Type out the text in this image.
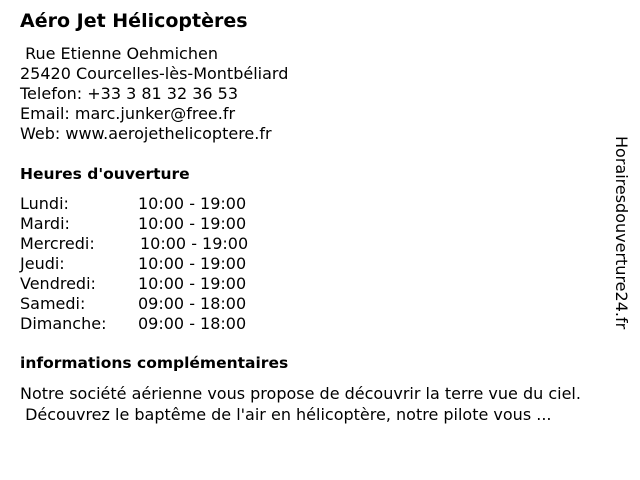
Aéro Jet Hélicoptères
Rue Etienne Oehmichen
25420 Courcelles-lès-Montbéliard
Telefon: +33 3 81 32 36 53
Email: marc.junker@free.fr
Web: www.aerojethelicoptere.fr
Heures d'ouverture
Lundi:	10:00 - 19:00
Mardi:	10:00 - 19:00
Mercredi:	10:00 - 19:00
Jeudi:	10:00 - 19:00
Vendredi:	10:00 - 19:00
Samedi:	09:00 - 18:00
Dimanche: 09:00 - 18:00
informations complémentaires
Notre société aérienne vous propose de découvrir la terre vue du ciel.
Découvrez le baptême de l'air en hélicoptère, notre pilote vous ...
Horairesdouverture24.fr
